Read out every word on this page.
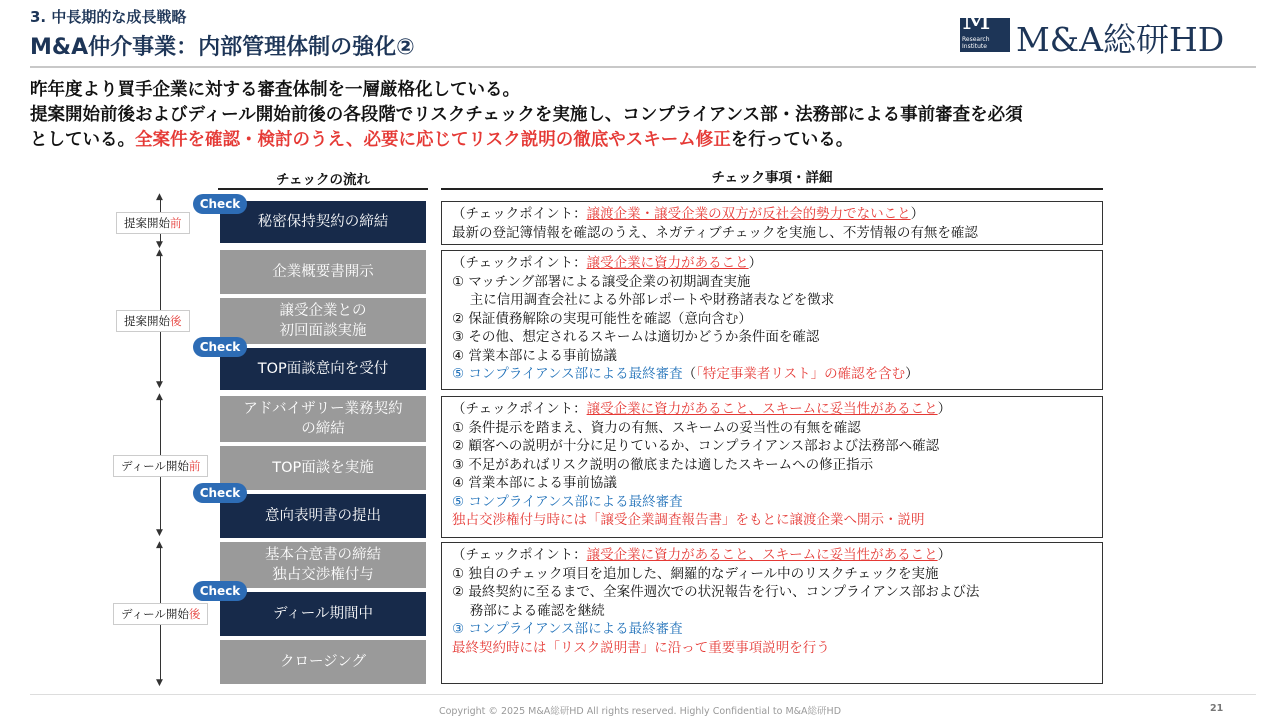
3. 中長期的な成長戦略
M&A仲介事業：内部管理体制の強化②
M
Research Institute M&A総研HD
昨年度より買手企業に対する審査体制を一層厳格化している。
提案開始前後およびディール開始前後の各段階でリスクチェックを実施し、コンプライアンス部・法務部による事前審査を必須
としている。全案件を確認・検討のうえ、必要に応じてリスク説明の徹底やスキーム修正を行っている。
チェックの流れ	チェック事項・詳細
▲
▼
▲
▼
▲
▼
▲
▼
提案開始前
提案開始後
ディール開始前
ディール開始後
秘密保持契約の締結
企業概要書開示
譲受企業との
初回面談実施
TOP面談意向を受付
アドバイザリー業務契約
の締結
TOP面談を実施
意向表明書の提出
基本合意書の締結
独占交渉権付与
ディール期間中
クロージング
Check
Check
Check
Check
（チェックポイント：譲渡企業・譲受企業の双方が反社会的勢力でないこと）
最新の登記簿情報を確認のうえ、ネガティブチェックを実施し、不芳情報の有無を確認
（チェックポイント：譲受企業に資力があること）
① マッチング部署による譲受企業の初期調査実施
　 主に信用調査会社による外部レポートや財務諸表などを徴求
② 保証債務解除の実現可能性を確認（意向含む）
③ その他、想定されるスキームは適切かどうか条件面を確認
④ 営業本部による事前協議
⑤ コンプライアンス部による最終審査（「特定事業者リスト」の確認を含む）
（チェックポイント：譲受企業に資力があること、スキームに妥当性があること）
① 条件提示を踏まえ、資力の有無、スキームの妥当性の有無を確認
② 顧客への説明が十分に足りているか、コンプライアンス部および法務部へ確認
③ 不足があればリスク説明の徹底または適したスキームへの修正指示
④ 営業本部による事前協議
⑤ コンプライアンス部による最終審査
独占交渉権付与時には「譲受企業調査報告書」をもとに譲渡企業へ開示・説明
（チェックポイント：譲受企業に資力があること、スキームに妥当性があること）
① 独自のチェック項目を追加した、網羅的なディール中のリスクチェックを実施
② 最終契約に至るまで、全案件週次での状況報告を行い、コンプライアンス部および法
　 務部による確認を継続
③ コンプライアンス部による最終審査
最終契約時には「リスク説明書」に沿って重要事項説明を行う
Copyright © 2025 M&A総研HD All rights reserved. Highly Confidential to M&A総研HD	21
